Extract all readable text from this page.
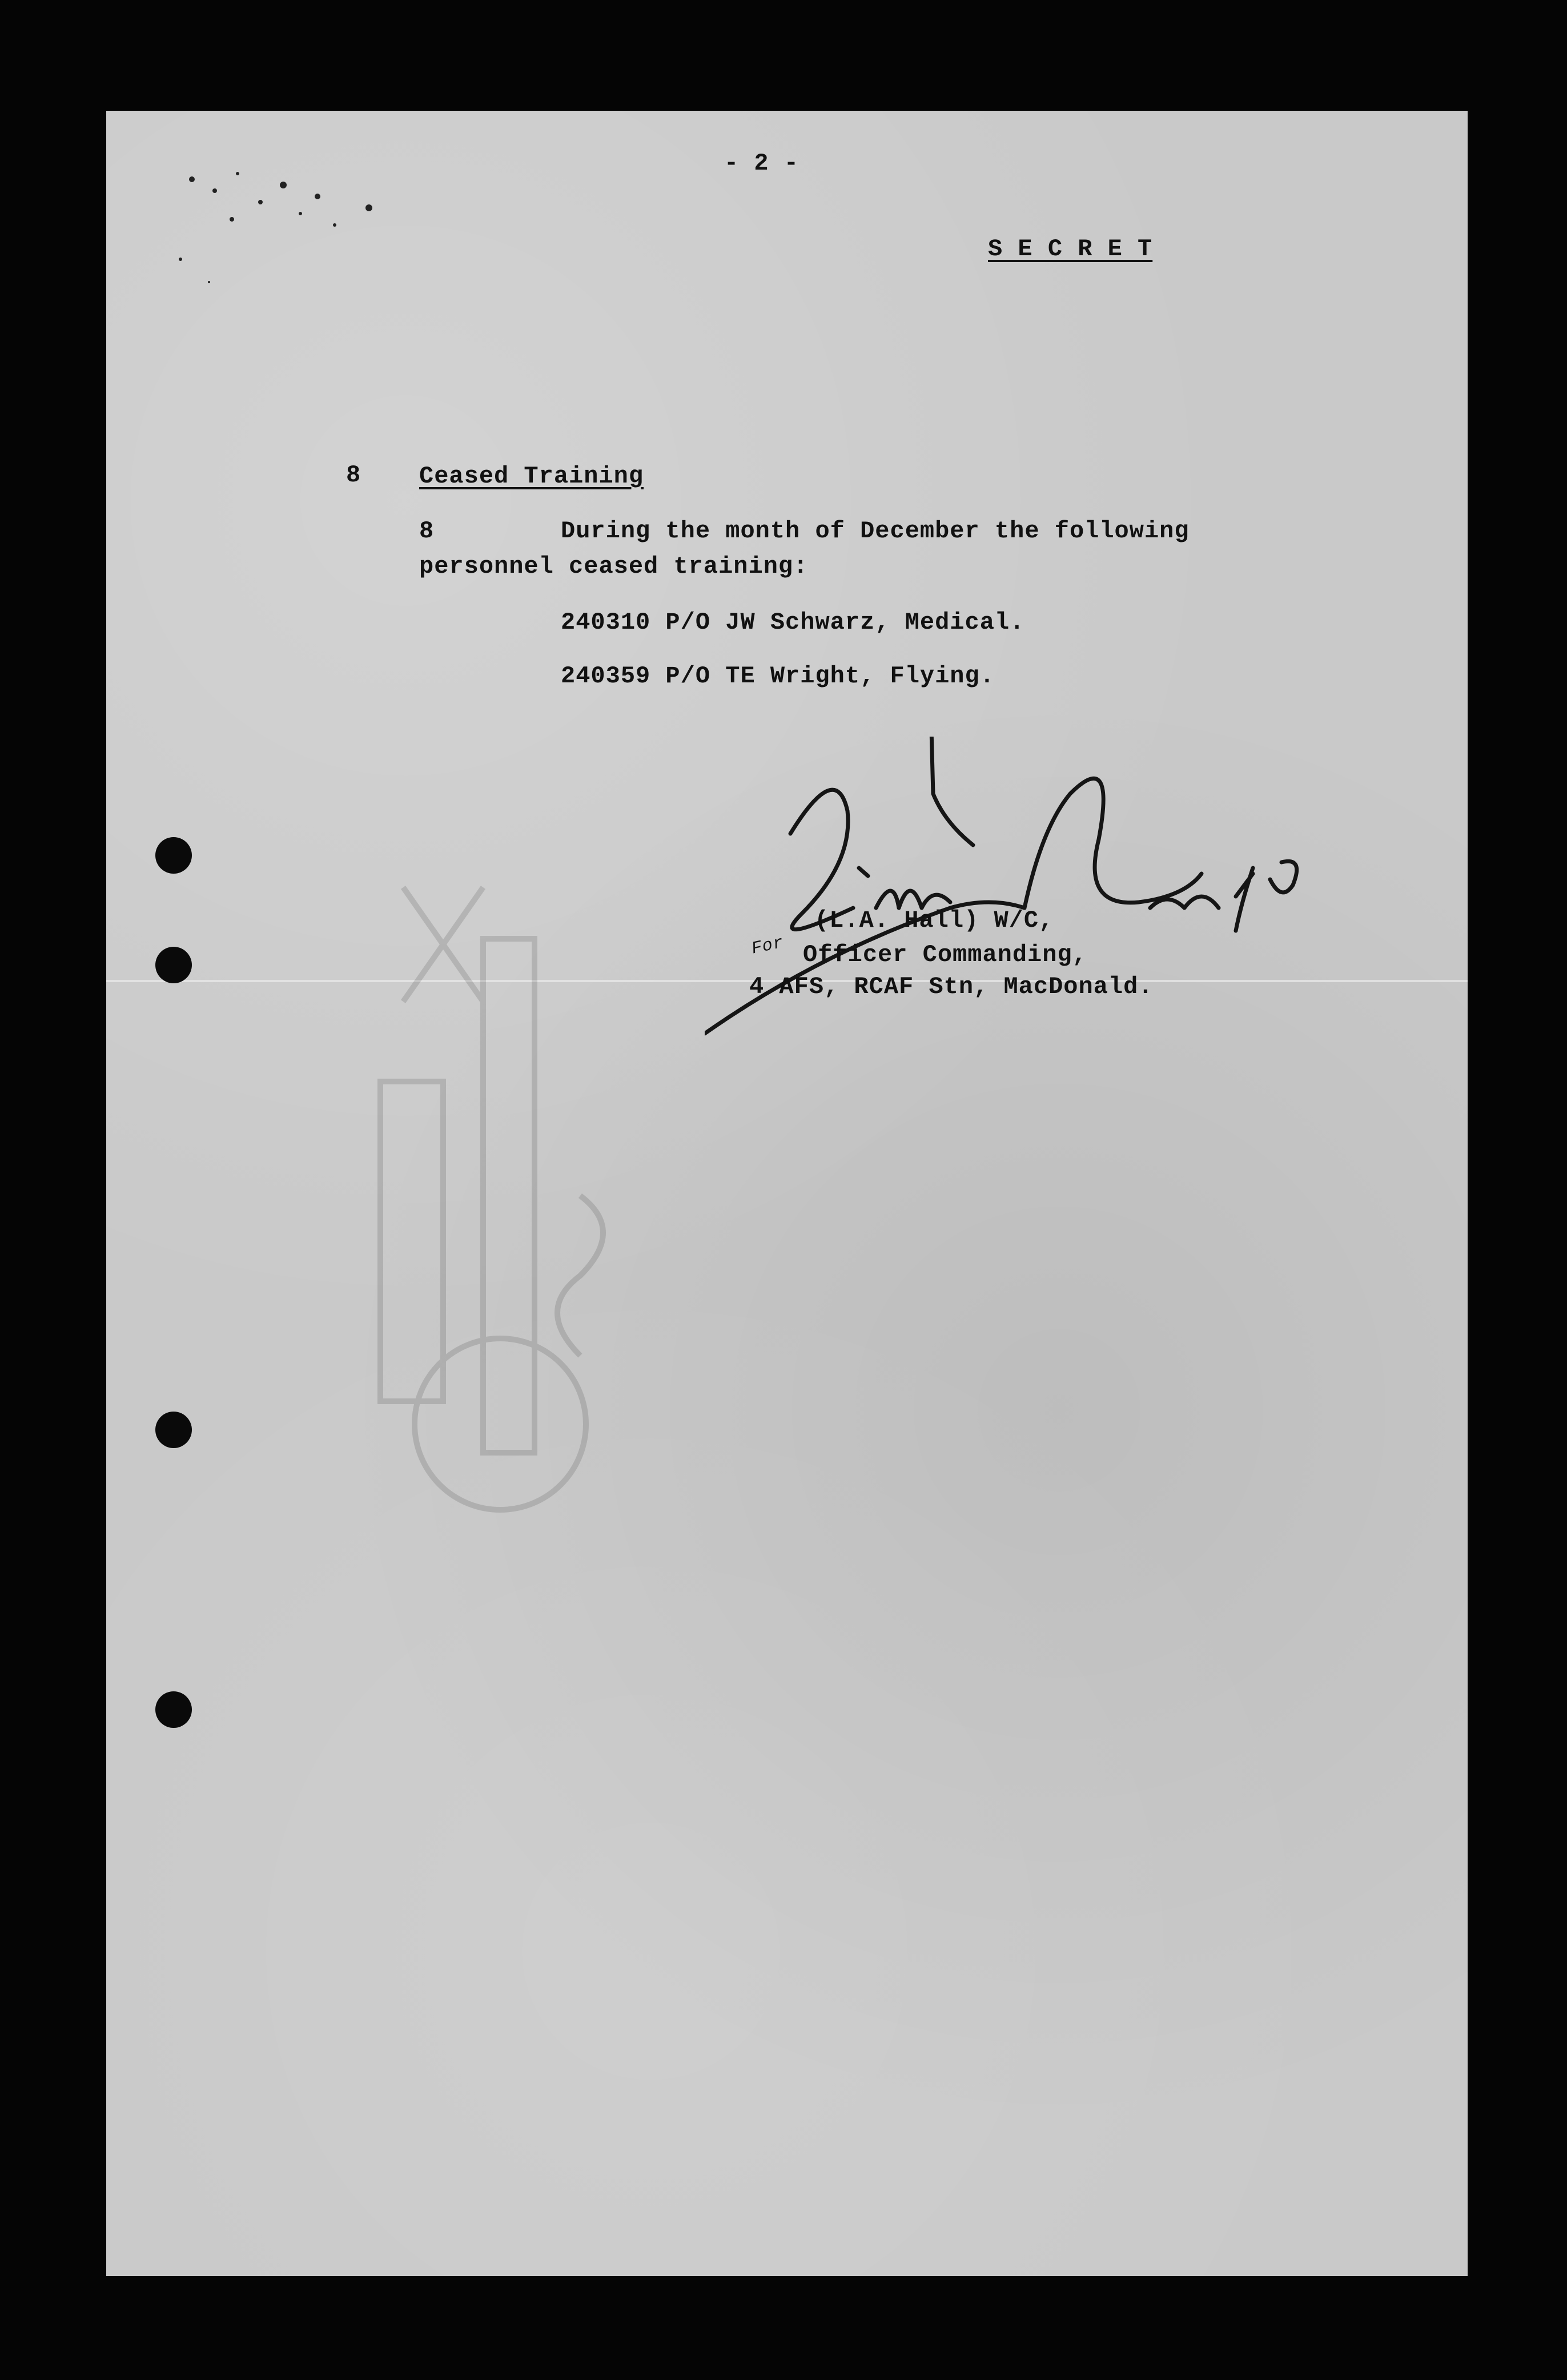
- 2 -
S E C R E T
8 Ceased Training
8	During the month of December the following
personnel ceased training:
240310 P/O JW Schwarz, Medical.
240359 P/O TE Wright, Flying.
For
(L.A. Hall) W/C,
Officer Commanding,
4 AFS, RCAF Stn, MacDonald.
